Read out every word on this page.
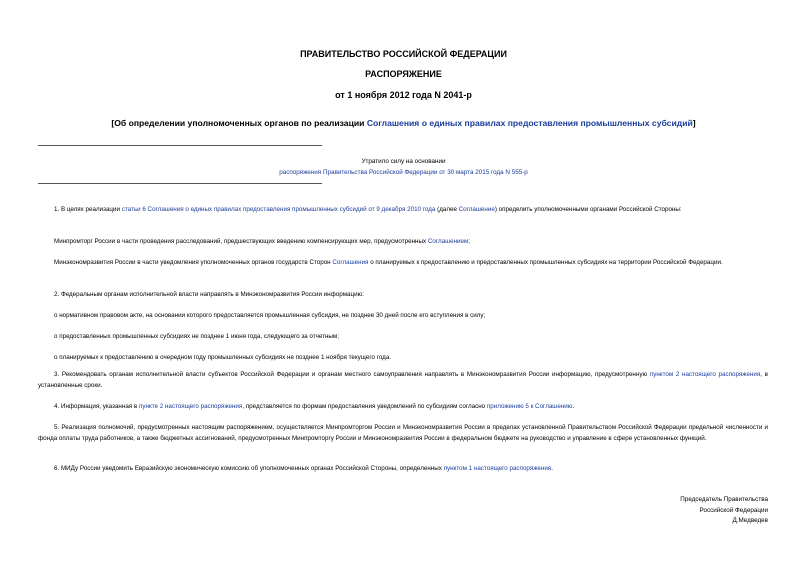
ПРАВИТЕЛЬСТВО РОССИЙСКОЙ ФЕДЕРАЦИИ
РАСПОРЯЖЕНИЕ
от 1 ноября 2012 года N 2041-р
[Об определении уполномоченных органов по реализации Соглашения о единых правилах предоставления промышленных субсидий]
Утратило силу на основании
распоряжения Правительства Российской Федерации от 30 марта 2015 года N 555-р
1. В целях реализации статьи 6 Соглашения о единых правилах предоставления промышленных субсидий от 9 декабря 2010 года (далее Соглашение) определить уполномоченными органами Российской Стороны:
Минпромторг России в части проведения расследований, предшествующих введению компенсирующих мер, предусмотренных Соглашением;
Минэкономразвития России в части уведомления уполномоченных органов государств Сторон Соглашения о планируемых к предоставлению и предоставленных промышленных субсидиях на территории Российской Федерации.
2. Федеральным органам исполнительной власти направлять в Минэкономразвития России информацию:
о нормативном правовом акте, на основании которого предоставляется промышленная субсидия, не позднее 30 дней после его вступления в силу;
о предоставленных промышленных субсидиях не позднее 1 июня года, следующего за отчетным;
о планируемых к предоставлению в очередном году промышленных субсидиях не позднее 1 ноября текущего года.
3. Рекомендовать органам исполнительной власти субъектов Российской Федерации и органам местного самоуправления направлять в Минэкономразвития России информацию, предусмотренную пунктом 2 настоящего распоряжения, в установленные сроки.
4. Информация, указанная в пункте 2 настоящего распоряжения, представляется по формам предоставления уведомлений по субсидиям согласно приложению 5 к Соглашению.
5. Реализация полномочий, предусмотренных настоящим распоряжением, осуществляется Минпромторгом России и Минэкономразвития России в пределах установленной Правительством Российской Федерации предельной численности и фонда оплаты труда работников, а также бюджетных ассигнований, предусмотренных Минпромторгу России и Минэкономразвития России в федеральном бюджете на руководство и управление в сфере установленных функций.
6. МИДу России уведомить Евразийскую экономическую комиссию об уполномоченных органах Российской Стороны, определенных пунктом 1 настоящего распоряжения.
Председатель Правительства
Российской Федерации
Д.Медведев
